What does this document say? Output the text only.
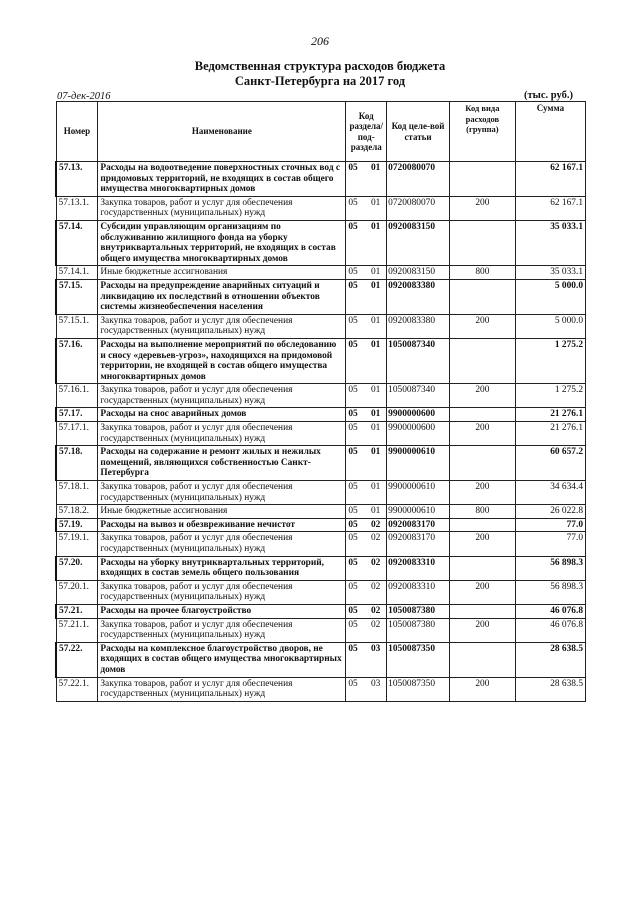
206
Ведомственная структура расходов бюджета
Санкт-Петербурга на 2017 год
07-дек-2016	(тыс. руб.)
Номер	Наименование	Код раздела/ под-раздела	Код целе-вой статьи	Код вида расходов (группа)	Сумма
57.13.	Расходы на водоотведение поверхностных сточных вод с придомовых территорий, не входящих в состав общего имущества многоквартирных домов	05 01	0720080070		62 167.1
57.13.1.	Закупка товаров, работ и услуг для обеспечения государственных (муниципальных) нужд	05 01	0720080070	200	62 167.1
57.14.	Субсидии управляющим организациям по обслуживанию жилищного фонда на уборку внутриквартальных территорий, не входящих в состав общего имущества многоквартирных домов	05 01	0920083150		35 033.1
57.14.1.	Иные бюджетные ассигнования	05 01	0920083150	800	35 033.1
57.15.	Расходы на предупреждение аварийных ситуаций и ликвидацию их последствий в отношении объектов системы жизнеобеспечения населения	05 01	0920083380		5 000.0
57.15.1.	Закупка товаров, работ и услуг для обеспечения государственных (муниципальных) нужд	05 01	0920083380	200	5 000.0
57.16.	Расходы на выполнение мероприятий по обследованию и сносу «деревьев-угроз», находящихся на придомовой территории, не входящей в состав общего имущества многоквартирных домов	05 01	1050087340		1 275.2
57.16.1.	Закупка товаров, работ и услуг для обеспечения государственных (муниципальных) нужд	05 01	1050087340	200	1 275.2
57.17.	Расходы на снос аварийных домов	05 01	9900000600		21 276.1
57.17.1.	Закупка товаров, работ и услуг для обеспечения государственных (муниципальных) нужд	05 01	9900000600	200	21 276.1
57.18.	Расходы на содержание и ремонт жилых и нежилых помещений, являющихся собственностью Санкт-Петербурга	05 01	9900000610		60 657.2
57.18.1.	Закупка товаров, работ и услуг для обеспечения государственных (муниципальных) нужд	05 01	9900000610	200	34 634.4
57.18.2.	Иные бюджетные ассигнования	05 01	9900000610	800	26 022.8
57.19.	Расходы на вывоз и обезвреживание нечистот	05 02	0920083170		77.0
57.19.1.	Закупка товаров, работ и услуг для обеспечения государственных (муниципальных) нужд	05 02	0920083170	200	77.0
57.20.	Расходы на уборку внутриквартальных территорий, входящих в состав земель общего пользования	05 02	0920083310		56 898.3
57.20.1.	Закупка товаров, работ и услуг для обеспечения государственных (муниципальных) нужд	05 02	0920083310	200	56 898.3
57.21.	Расходы на прочее благоустройство	05 02	1050087380		46 076.8
57.21.1.	Закупка товаров, работ и услуг для обеспечения государственных (муниципальных) нужд	05 02	1050087380	200	46 076.8
57.22.	Расходы на комплексное благоустройство дворов, не входящих в состав общего имущества многоквартирных домов	05 03	1050087350		28 638.5
57.22.1.	Закупка товаров, работ и услуг для обеспечения государственных (муниципальных) нужд	05 03	1050087350	200	28 638.5
